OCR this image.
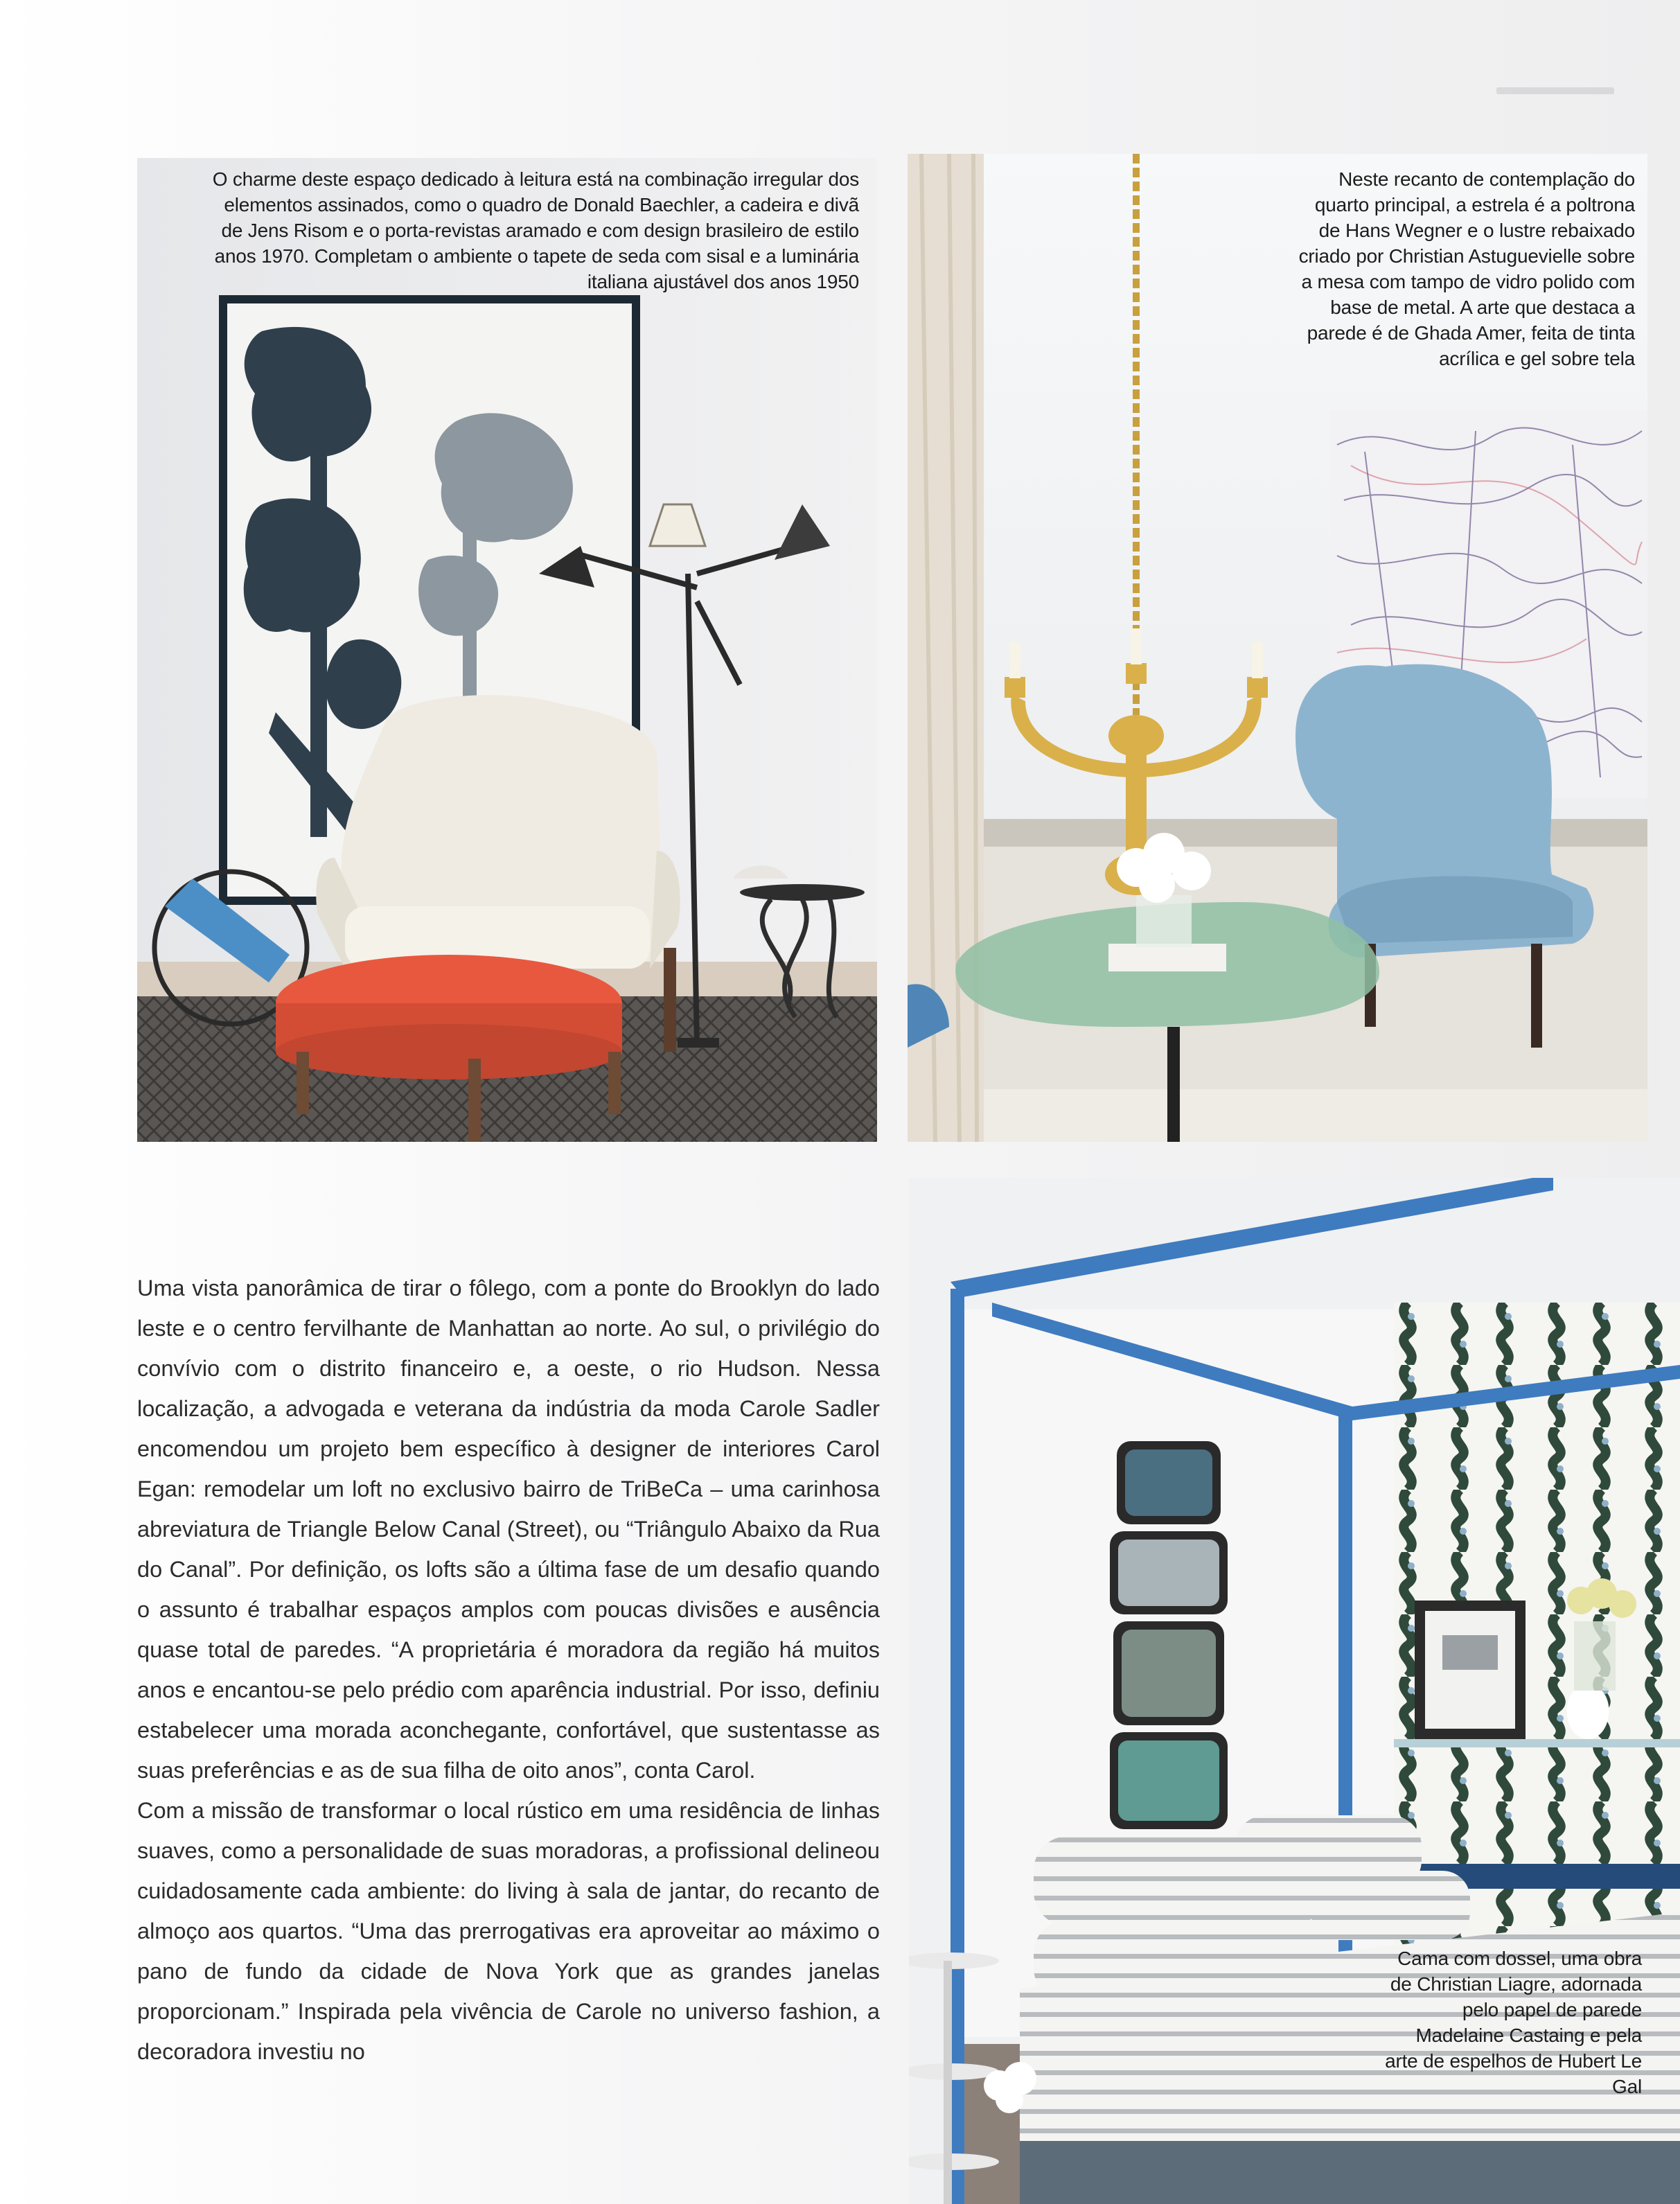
O charme deste espaço dedicado à leitura está na combinação irregular dos elementos assinados, como o quadro de Donald Baechler, a cadeira e divã de Jens Risom e o porta-revistas aramado e com design brasileiro de estilo anos 1970. Completam o ambiente o tapete de seda com sisal e a luminária italiana ajustável dos anos 1950

Neste recanto de contemplação do quarto principal, a estrela é a poltrona de Hans Wegner e o lustre rebaixado criado por Christian Astuguevielle sobre a mesa com tampo de vidro polido com base de metal. A arte que destaca a parede é de Ghada Amer, feita de tinta acrílica e gel sobre tela

Cama com dossel, uma obra de Christian Liagre, adornada pelo papel de parede Madelaine Castaing e pela arte de espelhos de Hubert Le Gal

Uma vista panorâmica de tirar o fôlego, com a ponte do Brooklyn do lado leste e o centro fervilhante de Manhattan ao norte. Ao sul, o privilégio do convívio com o distrito financeiro e, a oeste, o rio Hudson. Nessa localização, a advogada e veterana da indústria da moda Carole Sadler encomendou um projeto bem específico à designer de interiores Carol Egan: remodelar um loft no exclusivo bairro de TriBeCa – uma carinhosa abreviatura de Triangle Below Canal (Street), ou “Triângulo Abaixo da Rua do Canal”. Por definição, os lofts são a última fase de um desafio quando o assunto é trabalhar espaços amplos com poucas divisões e ausência quase total de paredes. “A proprietária é moradora da região há muitos anos e encantou-se pelo prédio com aparência industrial. Por isso, definiu estabelecer uma morada aconchegante, confortável, que sustentasse as suas preferências e as de sua filha de oito anos”, conta Carol.

Com a missão de transformar o local rústico em uma residência de linhas suaves, como a personalidade de suas moradoras, a profissional delineou cuidadosamente cada ambiente: do living à sala de jantar, do recanto de almoço aos quartos. “Uma das prerrogativas era aproveitar ao máximo o pano de fundo da cidade de Nova York que as grandes janelas proporcionam.” Inspirada pela vivência de Carole no universo fashion, a decoradora investiu no
